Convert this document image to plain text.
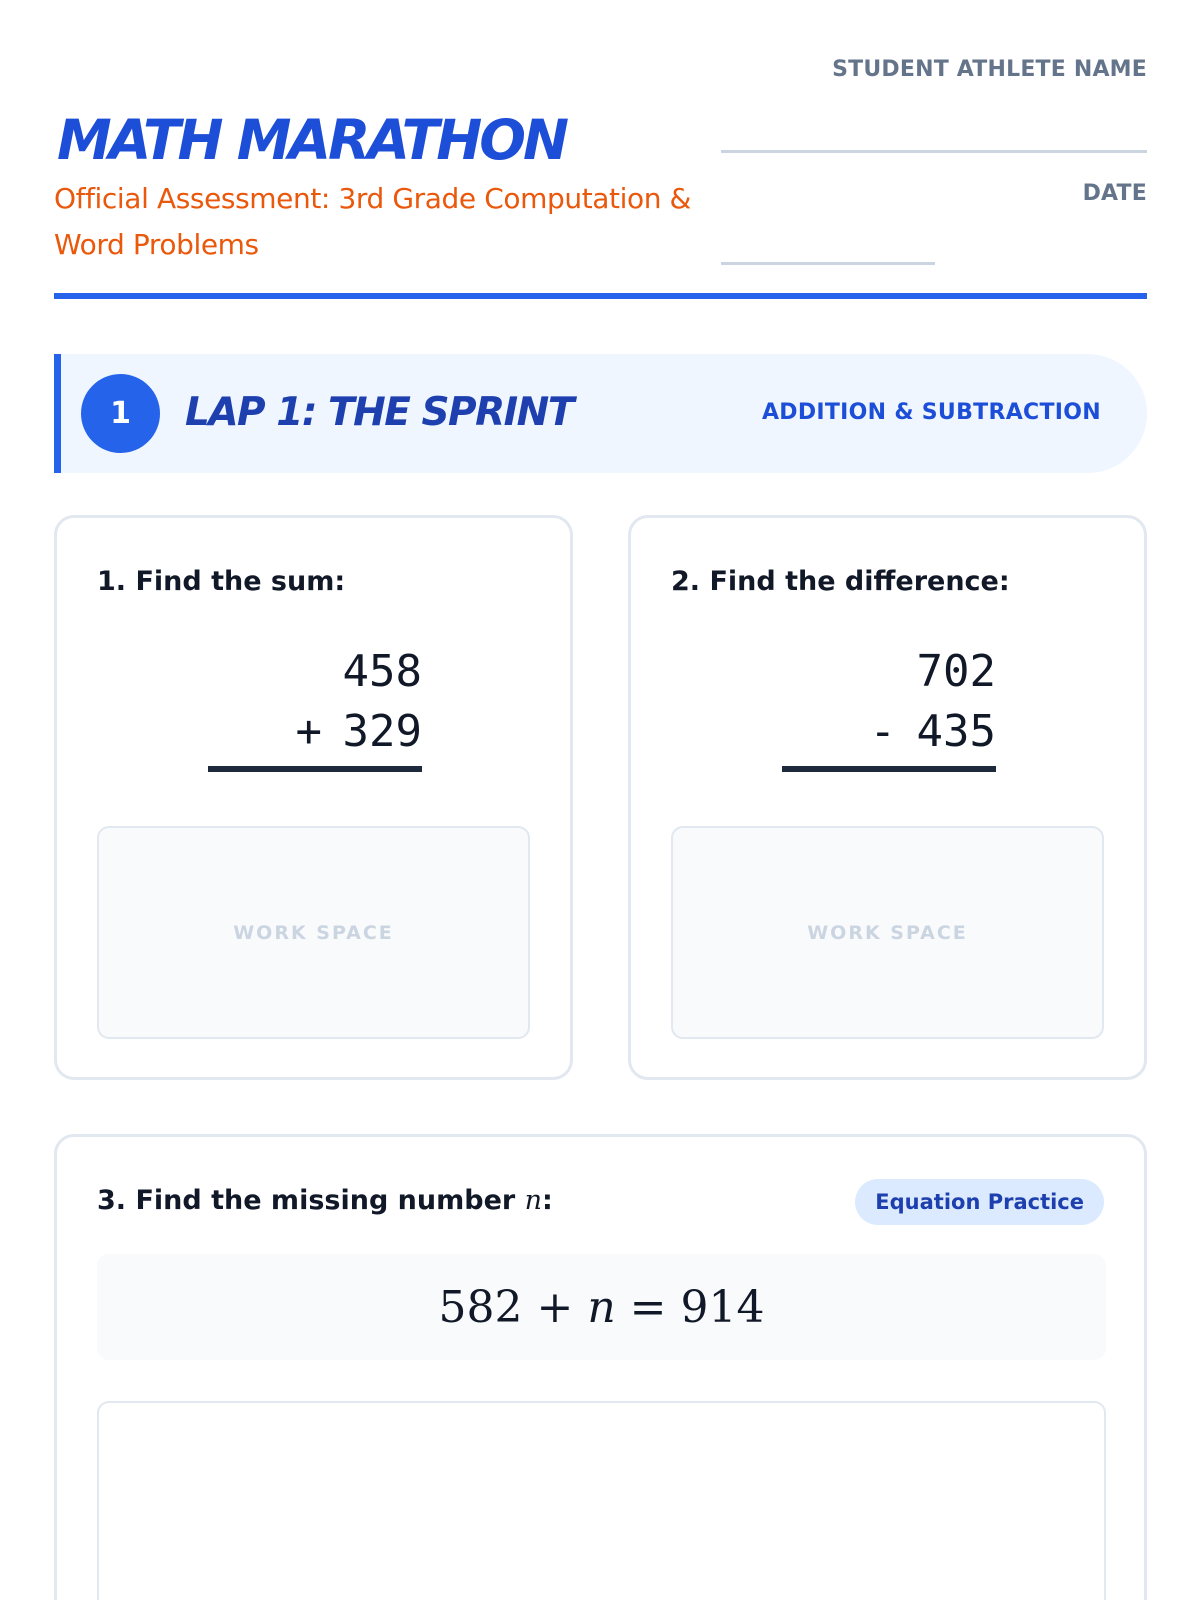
MATH MARATHON
Official Assessment: 3rd Grade Computation & Word Problems
STUDENT ATHLETE NAME
DATE
1	LAP 1: THE SPRINT	ADDITION & SUBTRACTION
1. Find the sum:
458
+ 329
WORK SPACE
2. Find the difference:
702
- 435
WORK SPACE
3. Find the missing number n:	Equation Practice
582
+
n
=
914
